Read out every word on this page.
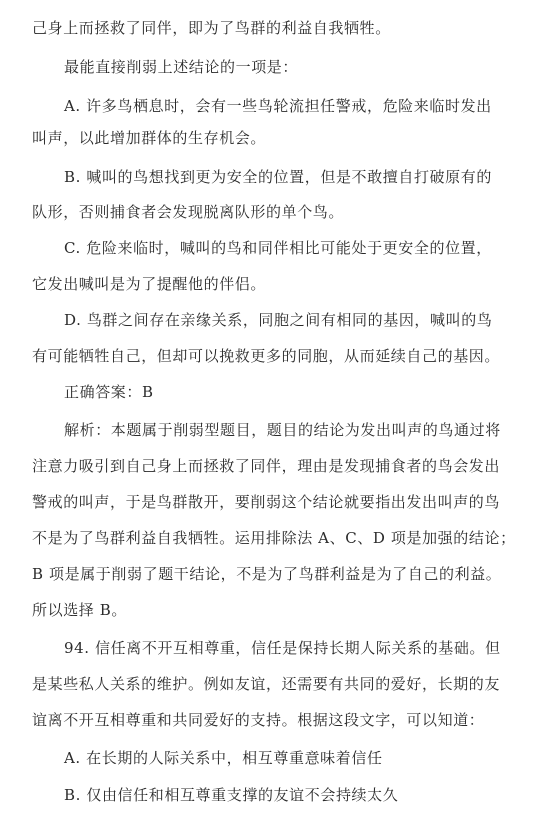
己身上而拯救了同伴，即为了鸟群的利益自我牺牲。
最能直接削弱上述结论的一项是：
A. 许多鸟栖息时，会有一些鸟轮流担任警戒，危险来临时发出
叫声，以此增加群体的生存机会。
B. 喊叫的鸟想找到更为安全的位置，但是不敢擅自打破原有的
队形，否则捕食者会发现脱离队形的单个鸟。
C. 危险来临时，喊叫的鸟和同伴相比可能处于更安全的位置，
它发出喊叫是为了提醒他的伴侣。
D. 鸟群之间存在亲缘关系，同胞之间有相同的基因，喊叫的鸟
有可能牺牲自己，但却可以挽救更多的同胞，从而延续自己的基因。
正确答案：B
解析：本题属于削弱型题目，题目的结论为发出叫声的鸟通过将
注意力吸引到自己身上而拯救了同伴，理由是发现捕食者的鸟会发出
警戒的叫声，于是鸟群散开，要削弱这个结论就要指出发出叫声的鸟
不是为了鸟群利益自我牺牲。运用排除法 A、C、D 项是加强的结论；
B 项是属于削弱了题干结论，不是为了鸟群利益是为了自己的利益。
所以选择 B。
94. 信任离不开互相尊重，信任是保持长期人际关系的基础。但
是某些私人关系的维护。例如友谊，还需要有共同的爱好，长期的友
谊离不开互相尊重和共同爱好的支持。根据这段文字，可以知道：
A. 在长期的人际关系中，相互尊重意味着信任
B. 仅由信任和相互尊重支撑的友谊不会持续太久
